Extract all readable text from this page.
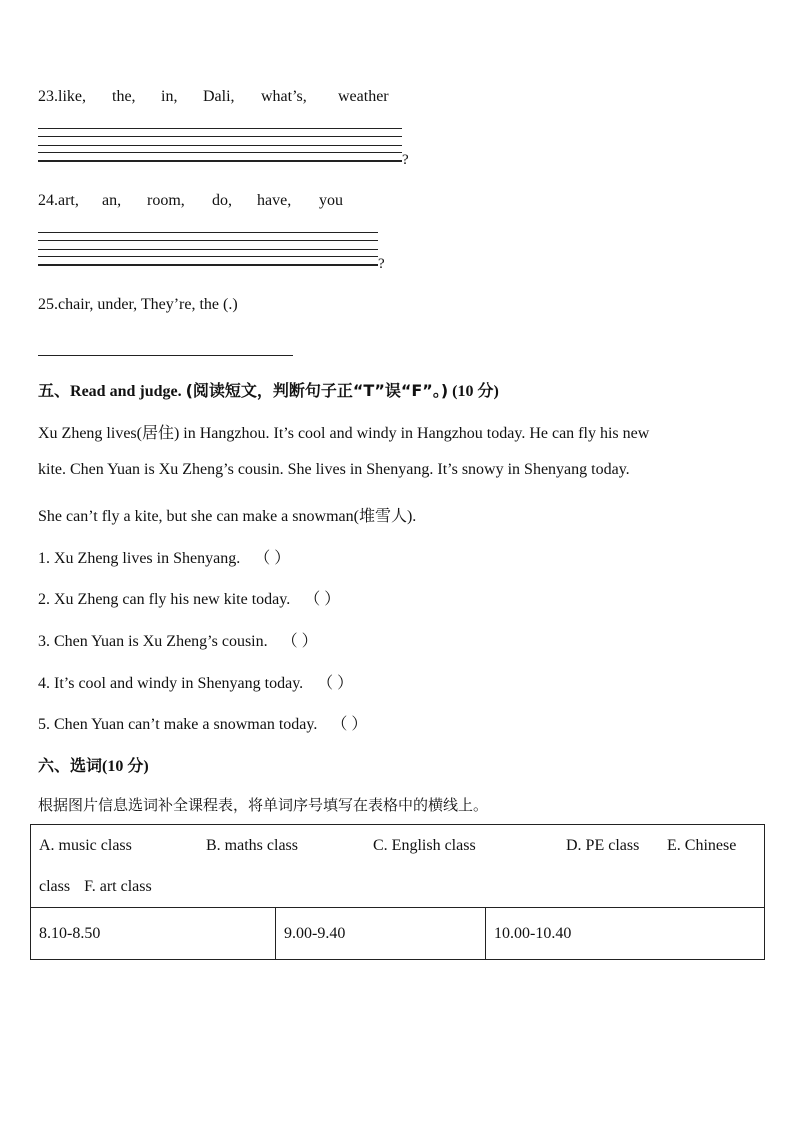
23.like, the, in, Dali, what’s, weather
?
24.art, an, room, do, have, you
?
25.chair, under, They’re, the (.)
五、Read and judge. (阅读短文，判断句子正“T”误“F”。) (10 分)
Xu Zheng lives(居住) in Hangzhou. It’s cool and windy in Hangzhou today. He can fly his new
kite. Chen Yuan is Xu Zheng’s cousin. She lives in Shenyang. It’s snowy in Shenyang today.
She can’t fly a kite, but she can make a snowman(堆雪人).
1. Xu Zheng lives in Shenyang. （ ）
2. Xu Zheng can fly his new kite today. （ ）
3. Chen Yuan is Xu Zheng’s cousin. （ ）
4. It’s cool and windy in Shenyang today. （ ）
5. Chen Yuan can’t make a snowman today. （ ）
六、选词(10 分)
根据图片信息选词补全课程表，将单词序号填写在表格中的横线上。
A. music class	B. maths class	C. English class	D. PE class E. Chinese
class F. art class
8.10-8.50	9.00-9.40	10.00-10.40
